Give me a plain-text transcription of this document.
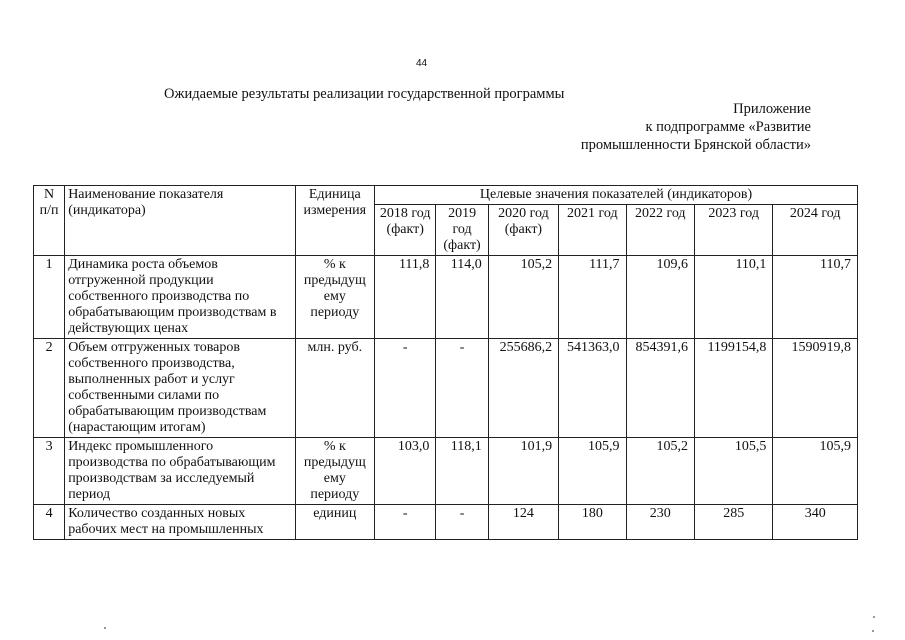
44
Ожидаемые результаты реализации государственной программы
Приложение
к подпрограмме «Развитие
промышленности Брянской области»
N п/п	Наименование показателя (индикатора)	Единица измерения	Целевые значения показателей (индикаторов)						
			2018 год (факт)	2019 год (факт)	2020 год (факт)	2021 год	2022 год	2023 год	2024 год
1	Динамика роста объемов отгруженной продукции собственного производства по обрабатывающим производствам в действующих ценах	% к предыдущ ему периоду	111,8	114,0	105,2	111,7	109,6	110,1	110,7
2	Объем отгруженных товаров собственного производства, выполненных работ и услуг собственными силами по обрабатывающим производствам (нарастающим итогам)	млн. руб.	-	-	255686,2	541363,0	854391,6	1199154,8	1590919,8
3	Индекс промышленного производства по обрабатывающим производствам за исследуемый период	% к предыдущ ему периоду	103,0	118,1	101,9	105,9	105,2	105,5	105,9
4	Количество созданных новых рабочих мест на промышленных	единиц	-	-	124	180	230	285	340
